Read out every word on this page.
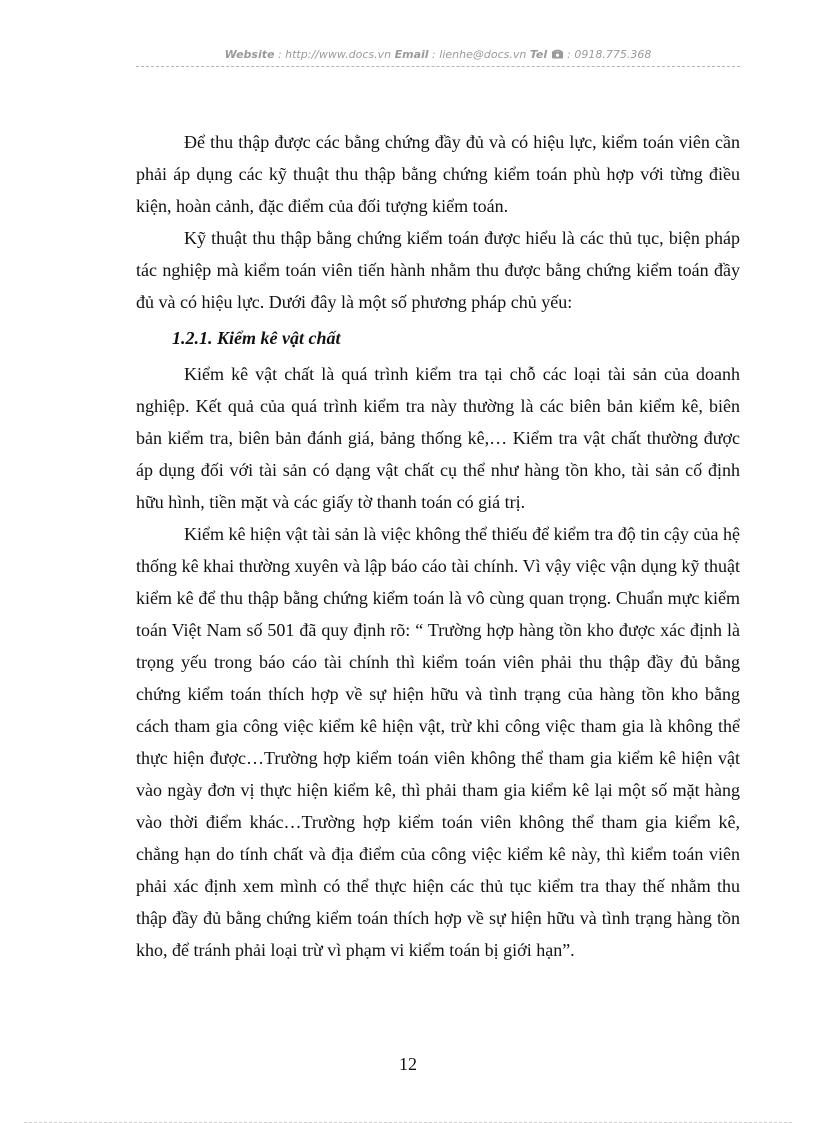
Website : http://www.docs.vn Email : lienhe@docs.vn Tel  : 0918.775.368

Để thu thập được các bằng chứng đầy đủ và có hiệu lực, kiểm toán viên cần phải áp dụng các kỹ thuật thu thập bằng chứng kiểm toán phù hợp với từng điều kiện, hoàn cảnh, đặc điểm của đối tượng kiểm toán.

Kỹ thuật thu thập bằng chứng kiểm toán được hiểu là các thủ tục, biện pháp tác nghiệp mà kiểm toán viên tiến hành nhằm thu được bằng chứng kiểm toán đầy đủ và có hiệu lực. Dưới đây là một số phương pháp chủ yếu:

1.2.1. Kiểm kê vật chất

Kiểm kê vật chất là quá trình kiểm tra tại chỗ các loại tài sản của doanh nghiệp. Kết quả của quá trình kiểm tra này thường là các biên bản kiểm kê, biên bản kiểm tra, biên bản đánh giá, bảng thống kê,… Kiểm tra vật chất thường được áp dụng đối với tài sản có dạng vật chất cụ thể như hàng tồn kho, tài sản cố định hữu hình, tiền mặt và các giấy tờ thanh toán có giá trị.

Kiểm kê hiện vật tài sản là việc không thể thiếu để kiểm tra độ tin cậy của hệ thống kê khai thường xuyên và lập báo cáo tài chính. Vì vậy việc vận dụng kỹ thuật kiểm kê để thu thập bằng chứng kiểm toán là vô cùng quan trọng. Chuẩn mực kiểm toán Việt Nam số 501 đã quy định rõ: “ Trường hợp hàng tồn kho được xác định là trọng yếu trong báo cáo tài chính thì kiểm toán viên phải thu thập đầy đủ bằng chứng kiểm toán thích hợp về sự hiện hữu và tình trạng của hàng tồn kho bằng cách tham gia công việc kiểm kê hiện vật, trừ khi công việc tham gia là không thể thực hiện được…Trường hợp kiểm toán viên không thể tham gia kiểm kê hiện vật vào ngày đơn vị thực hiện kiểm kê, thì phải tham gia kiểm kê lại một số mặt hàng vào thời điểm khác…Trường hợp kiểm toán viên không thể tham gia kiểm kê, chẳng hạn do tính chất và địa điểm của công việc kiểm kê này, thì kiểm toán viên phải xác định xem mình có thể thực hiện các thủ tục kiểm tra thay thế nhằm thu thập đầy đủ bằng chứng kiểm toán thích hợp về sự hiện hữu và tình trạng hàng tồn kho, để tránh phải loại trừ vì phạm vi kiểm toán bị giới hạn”.

12
